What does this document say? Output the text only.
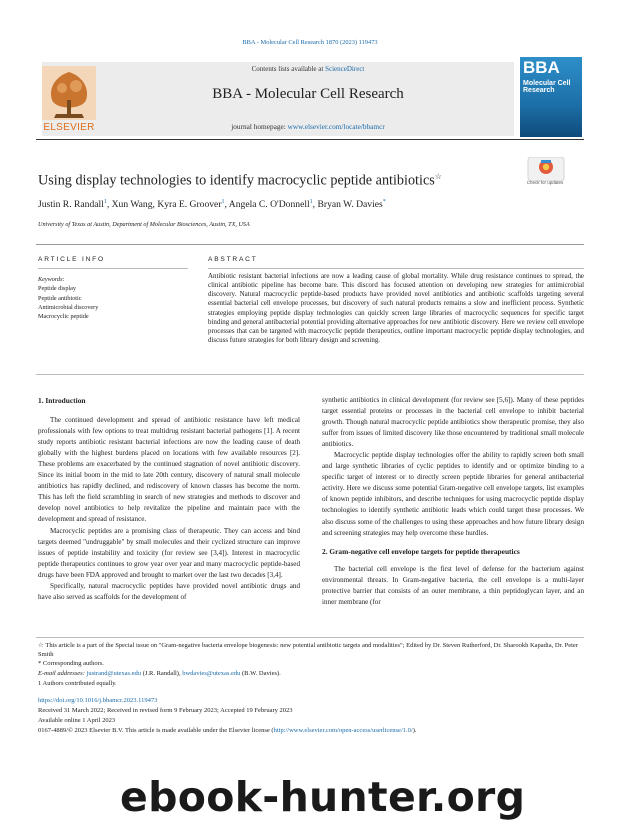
BBA - Molecular Cell Research 1870 (2023) 119473
ELSEVIER
Contents lists available at ScienceDirect
BBA - Molecular Cell Research
journal homepage: www.elsevier.com/locate/bbamcr
BBA
Molecular Cell Research
Check for updates
Using display technologies to identify macrocyclic peptide antibiotics☆
Justin R. Randall$^1$, Xun Wang, Kyra E. Groover$^1$, Angela C. O'Donnell$^1$, Bryan W. Davies*
University of Texas at Austin, Department of Molecular Biosciences, Austin, TX, USA
ARTICLE INFO	ABSTRACT
Keywords:
Peptide display
Peptide antibiotic
Antimicrobial discovery
Macrocyclic peptide
Antibiotic resistant bacterial infections are now a leading cause of global mortality. While drug resistance continues to spread, the clinical antibiotic pipeline has become bare. This discord has focused attention on developing new strategies for antimicrobial discovery. Natural macrocyclic peptide-based products have provided novel antibiotics and antibiotic scaffolds targeting several essential bacterial cell envelope processes, but discovery of such natural products remains a slow and inefficient process. Synthetic strategies employing peptide display technologies can quickly screen large libraries of macrocyclic sequences for specific target binding and general antibacterial potential providing alternative approaches for new antibiotic discovery. Here we review cell envelope processes that can be targeted with macrocyclic peptide therapeutics, outline important macrocyclic peptide display technologies, and discuss future strategies for both library design and screening.
1. Introduction

The continued development and spread of antibiotic resistance have left medical professionals with few options to treat multidrug resistant bacterial pathogens [1]. A recent study reports antibiotic resistant bacterial infections are now the leading cause of death globally with the highest burdens placed on locations with few available resources [2]. These problems are exacerbated by the continued stagnation of novel antibiotic discovery. Since its initial boom in the mid to late 20th century, discovery of natural small molecule antibiotics has rapidly declined, and rediscovery of known classes has become the norm. This has left the field scrambling in search of new strategies and methods to discover and develop novel antibiotics to help revitalize the pipeline and maintain pace with the development and spread of resistance.

Macrocyclic peptides are a promising class of therapeutic. They can access and bind targets deemed "undruggable" by small molecules and their cyclized structure can improve issues of peptide instability and toxicity (for review see [3,4]). Interest in macrocyclic peptide therapeutics continues to grow year over year and many macrocyclic peptide-based drugs have been FDA approved and brought to market over the last two decades [3,4].

Specifically, natural macrocyclic peptides have provided novel antibiotic drugs and have also served as scaffolds for the development of

synthetic antibiotics in clinical development (for review see [5,6]). Many of these peptides target essential proteins or processes in the bacterial cell envelope to inhibit bacterial growth. Though natural macrocyclic peptide antibiotics show therapeutic promise, they also suffer from issues of limited discovery like those encountered by traditional small molecule antibiotics.

Macrocyclic peptide display technologies offer the ability to rapidly screen both small and large synthetic libraries of cyclic peptides to identify and or optimize binding to a specific target of interest or to directly screen peptide libraries for general antibacterial activity. Here we discuss some potential Gram-negative cell envelope targets, list examples of known peptide inhibitors, and describe techniques for using macrocyclic peptide display technologies to identify synthetic antibiotic leads which could target these processes. We also discuss some of the challenges to using these approaches and how future library design and screening strategies may help overcome these hurdles.

2. Gram-negative cell envelope targets for peptide therapeutics

The bacterial cell envelope is the first level of defense for the bacterium against environmental threats. In Gram-negative bacteria, the cell envelope is a multi-layer protective barrier that consists of an outer membrane, a thin peptidoglycan layer, and an inner membrane (for

☆ This article is a part of the Special issue on "Gram-negative bacteria envelope biogenesis: new potential antibiotic targets and modalities"; Edited by Dr. Steven Rutherford, Dr. Sharookh Kapadia, Dr. Peter Smith
* Corresponding authors.
E-mail addresses: justrand@utexas.edu (J.R. Randall), bwdavies@utexas.edu (B.W. Davies).
1 Authors contributed equally.
https://doi.org/10.1016/j.bbamcr.2023.119473
Received 31 March 2022; Received in revised form 9 February 2023; Accepted 19 February 2023
Available online 1 April 2023
0167-4889/© 2023 Elsevier B.V. This article is made available under the Elsevier license (http://www.elsevier.com/open-access/userlicense/1.0/).
ebook-hunter.org
